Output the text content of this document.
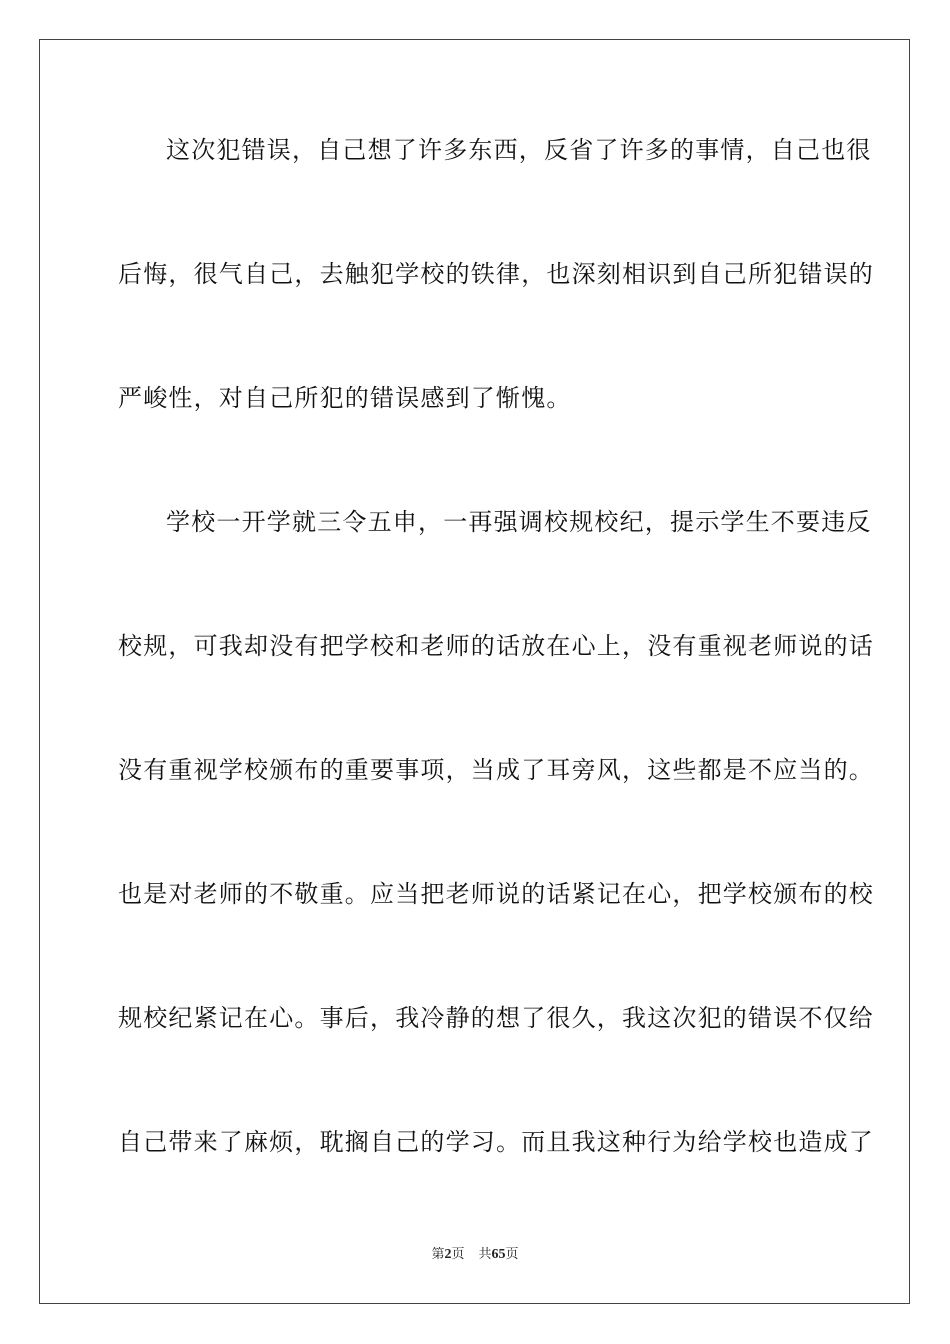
这次犯错误，自己想了许多东西，反省了许多的事情，自己也很
后悔，很气自己，去触犯学校的铁律，也深刻相识到自己所犯错误的
严峻性，对自己所犯的错误感到了惭愧。
学校一开学就三令五申，一再强调校规校纪，提示学生不要违反
校规，可我却没有把学校和老师的话放在心上，没有重视老师说的话
没有重视学校颁布的重要事项，当成了耳旁风，这些都是不应当的。
也是对老师的不敬重。应当把老师说的话紧记在心，把学校颁布的校
规校纪紧记在心。事后，我冷静的想了很久，我这次犯的错误不仅给
自己带来了麻烦，耽搁自己的学习。而且我这种行为给学校也造成了
第2页 共65页
